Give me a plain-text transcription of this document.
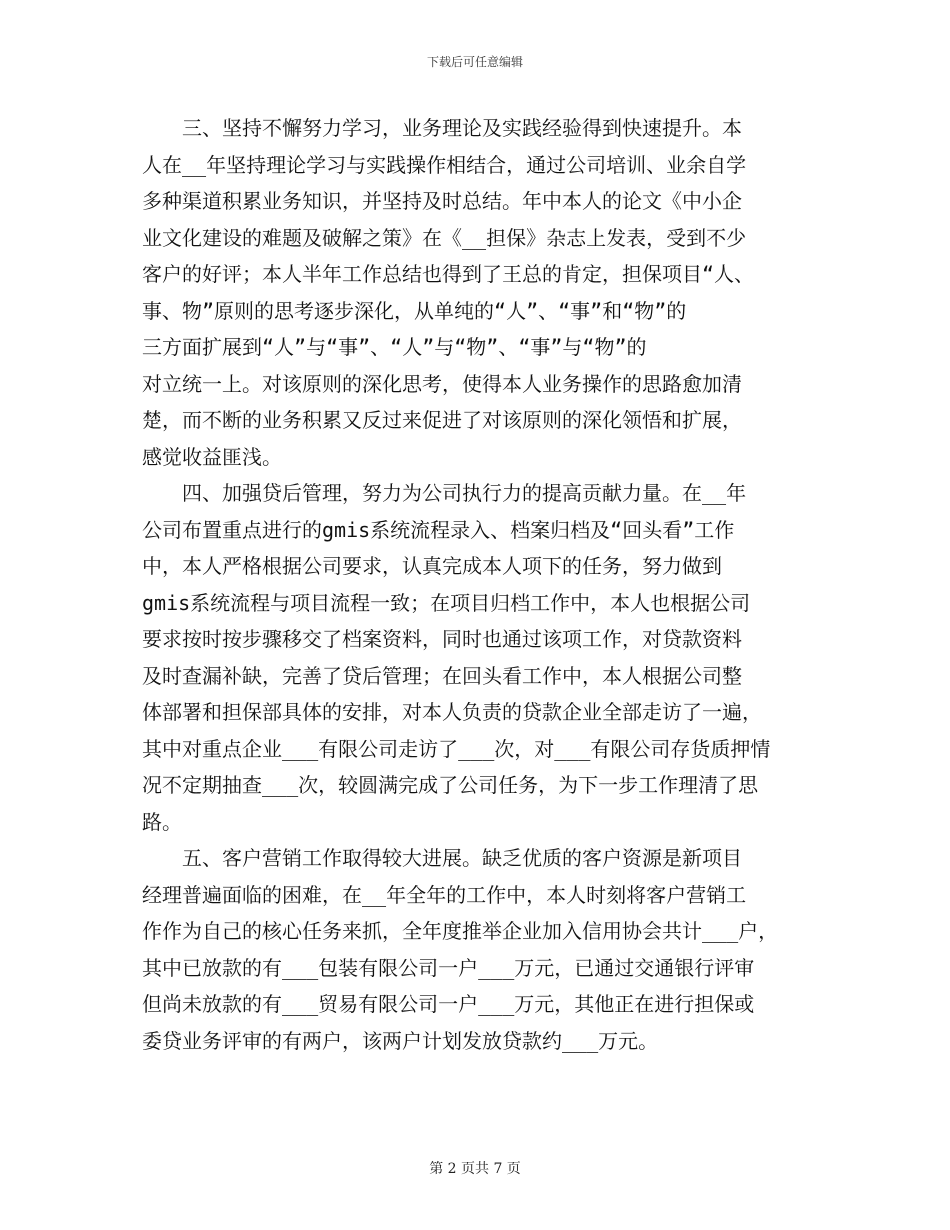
下载后可任意编辑
　　三、坚持不懈努力学习，业务理论及实践经验得到快速提升。本
人在__年坚持理论学习与实践操作相结合，通过公司培训、业余自学
多种渠道积累业务知识，并坚持及时总结。年中本人的论文《中小企
业文化建设的难题及破解之策》在《__担保》杂志上发表，受到不少
客户的好评；本人半年工作总结也得到了王总的肯定，担保项目“人、
事、物”原则的思考逐步深化，从单纯的“人”、“事”和“物”的
三方面扩展到“人”与“事”、“人”与“物”、“事”与“物”的
对立统一上。对该原则的深化思考，使得本人业务操作的思路愈加清
楚，而不断的业务积累又反过来促进了对该原则的深化领悟和扩展，
感觉收益匪浅。
　　四、加强贷后管理，努力为公司执行力的提高贡献力量。在__年
公司布置重点进行的gmis系统流程录入、档案归档及“回头看”工作
中，本人严格根据公司要求，认真完成本人项下的任务，努力做到
gmis系统流程与项目流程一致；在项目归档工作中，本人也根据公司
要求按时按步骤移交了档案资料，同时也通过该项工作，对贷款资料
及时查漏补缺，完善了贷后管理；在回头看工作中，本人根据公司整
体部署和担保部具体的安排，对本人负责的贷款企业全部走访了一遍，
其中对重点企业___有限公司走访了___次，对___有限公司存货质押情
况不定期抽查___次，较圆满完成了公司任务，为下一步工作理清了思
路。
　　五、客户营销工作取得较大进展。缺乏优质的客户资源是新项目
经理普遍面临的困难，在__年全年的工作中，本人时刻将客户营销工
作作为自己的核心任务来抓，全年度推举企业加入信用协会共计___户，
其中已放款的有___包装有限公司一户___万元，已通过交通银行评审
但尚未放款的有___贸易有限公司一户___万元，其他正在进行担保或
委贷业务评审的有两户，该两户计划发放贷款约___万元。
第 2 页共 7 页
